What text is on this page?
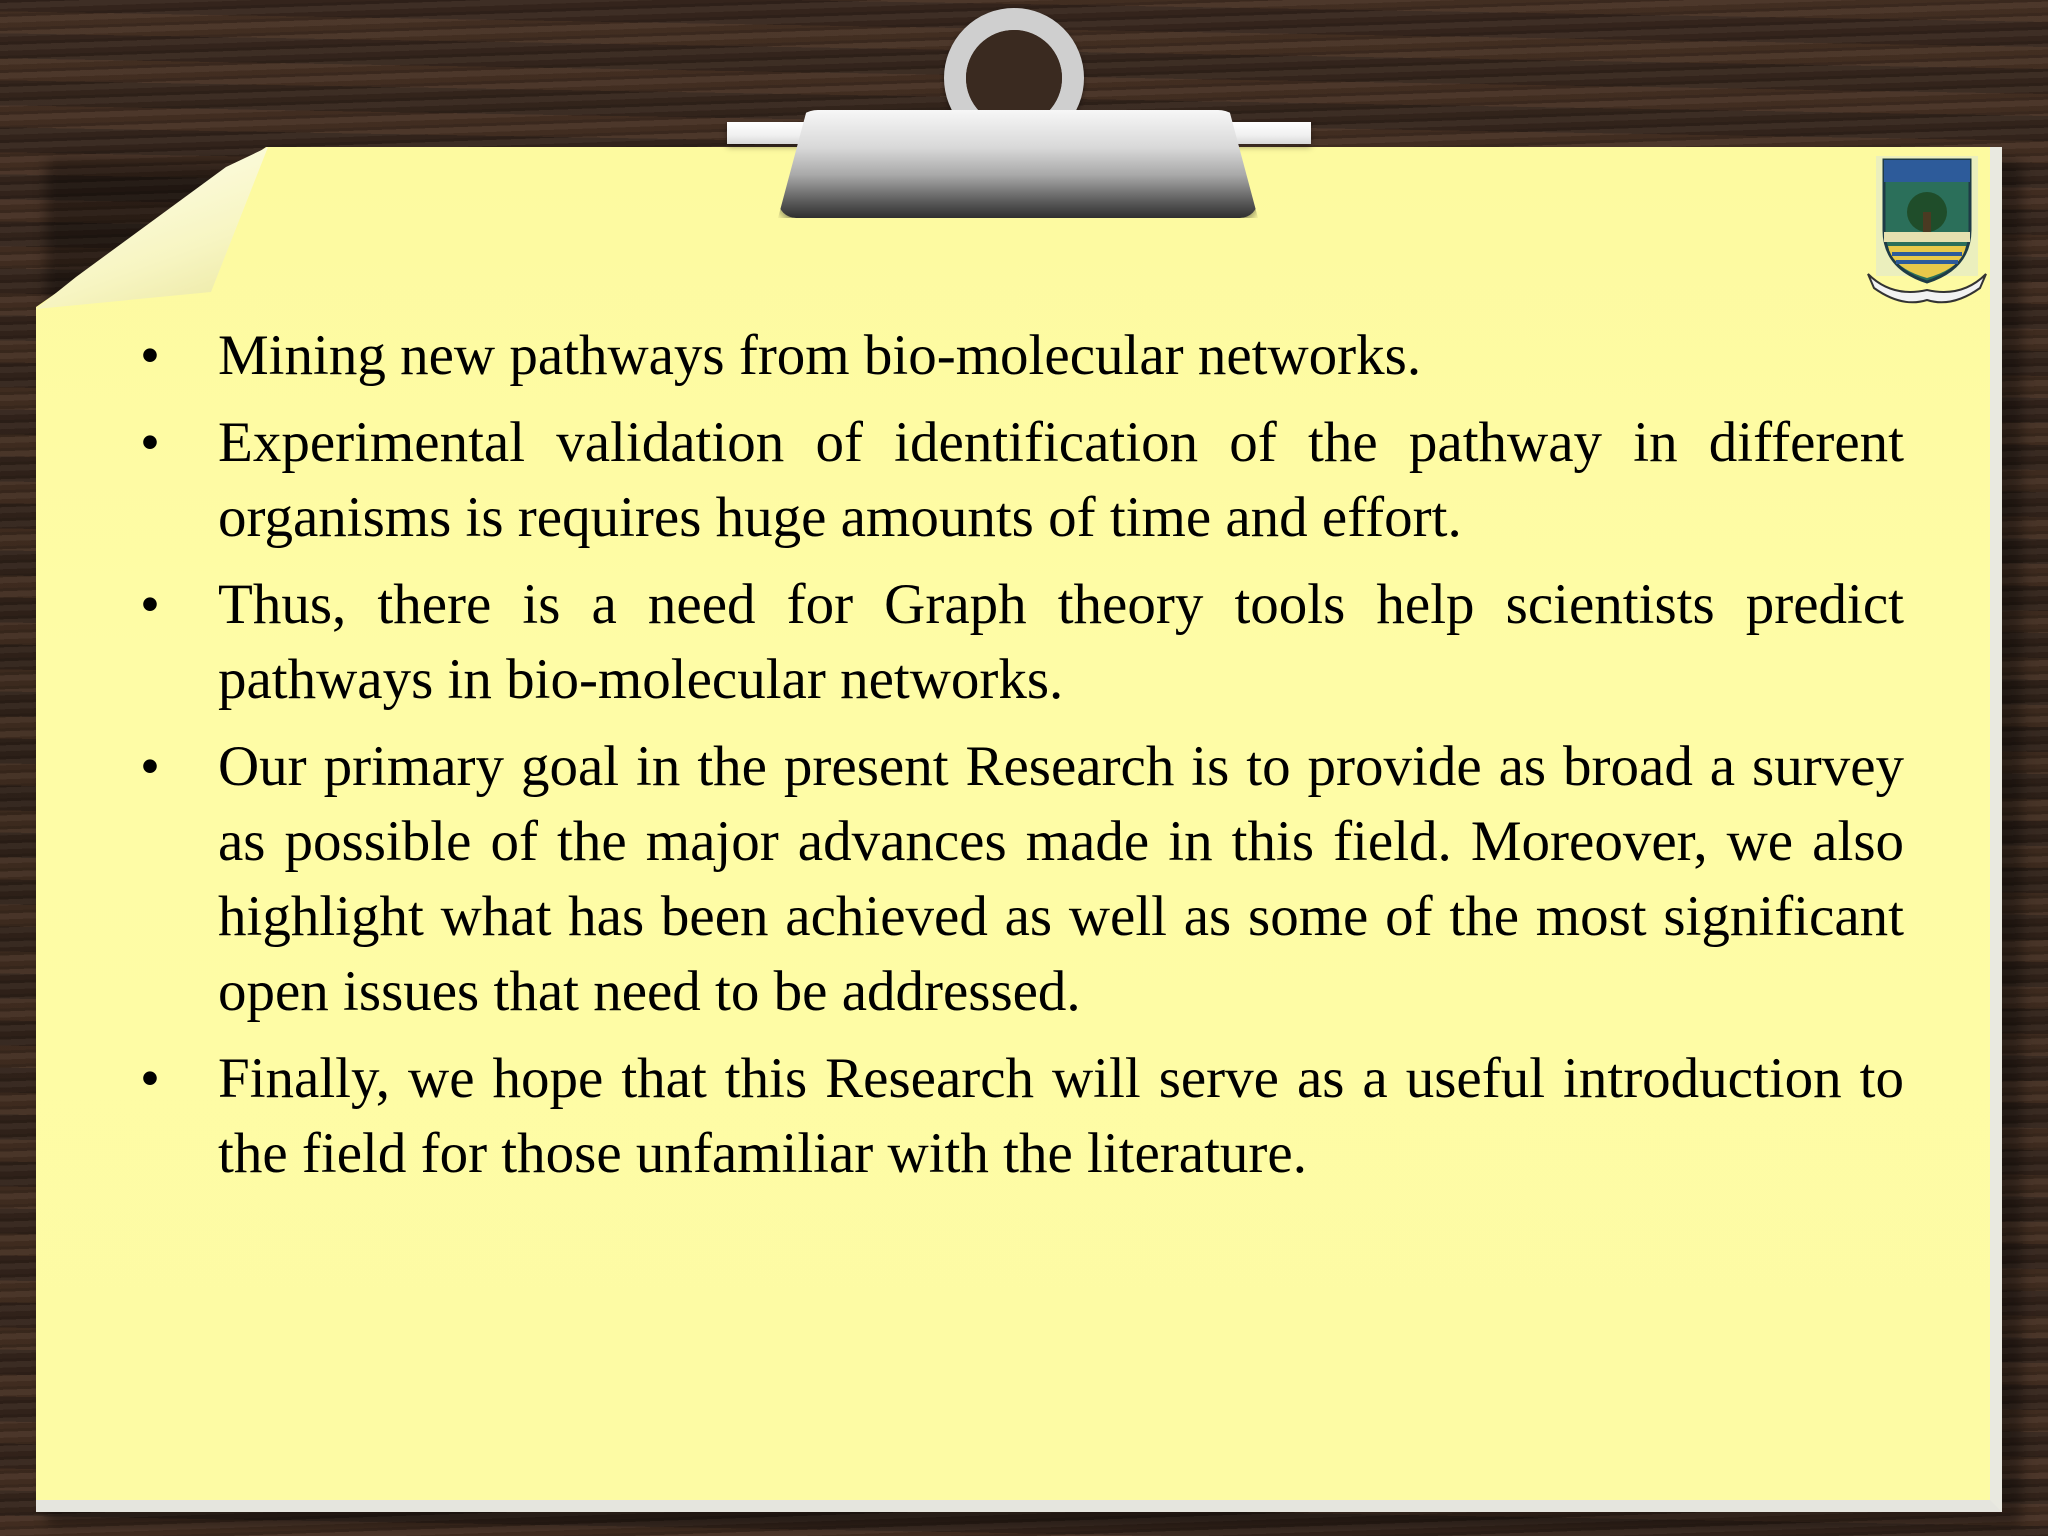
• Mining new pathways from bio-molecular networks.
• Experimental validation of identification of the pathway in different organisms is requires huge amounts of time and effort.
• Thus, there is a need for Graph theory tools help scientists predict pathways in bio-molecular networks.
• Our primary goal in the present Research is to provide as broad a survey as possible of the major advances made in this field. Moreover, we also highlight what has been achieved as well as some of the most significant open issues that need to be addressed.
• Finally, we hope that this Research will serve as a useful introduction to the field for those unfamiliar with the literature.
